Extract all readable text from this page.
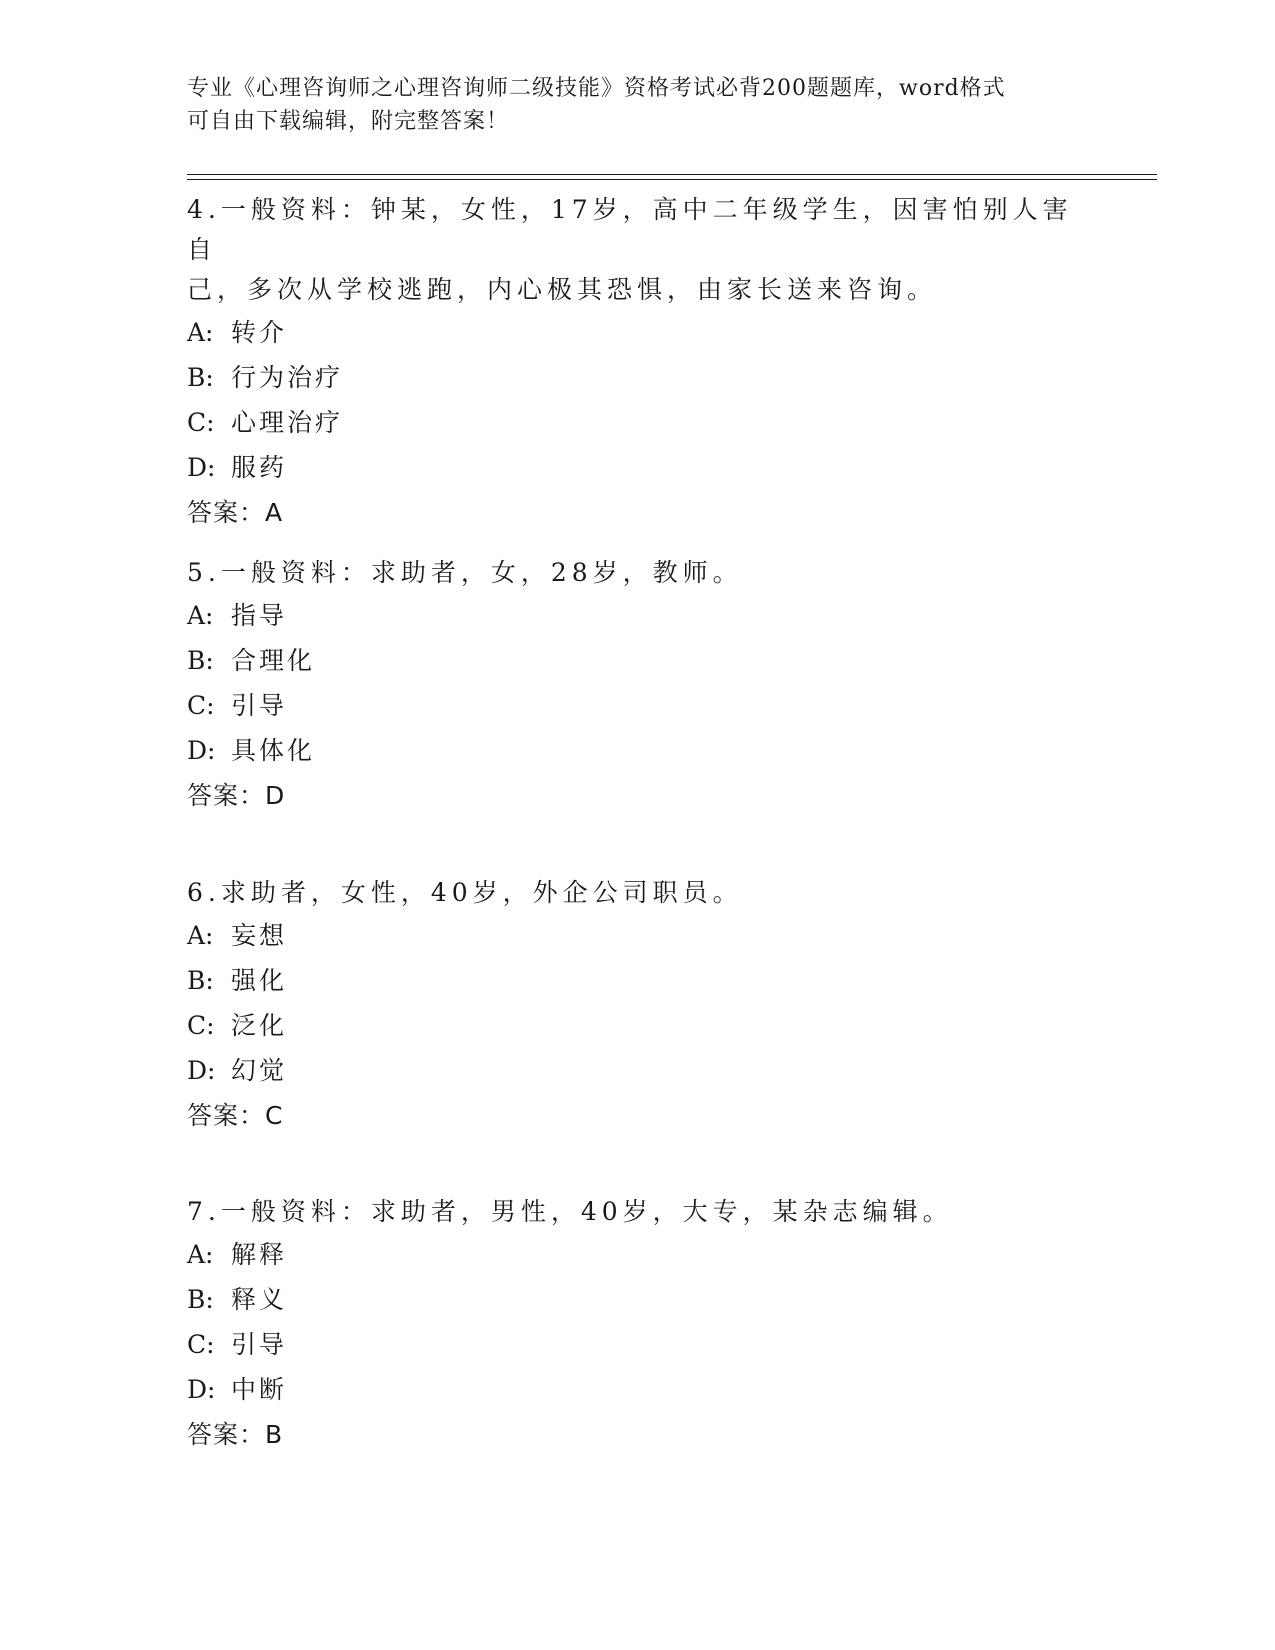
专业《心理咨询师之心理咨询师二级技能》资格考试必背200题题库，word格式
可自由下载编辑，附完整答案！
4.一般资料：钟某，女性，17岁，高中二年级学生，因害怕别人害自
己，多次从学校逃跑，内心极其恐惧，由家长送来咨询。
A: 转介
B: 行为治疗
C: 心理治疗
D: 服药
答案：A
5.一般资料：求助者，女，28岁，教师。
A: 指导
B: 合理化
C: 引导
D: 具体化
答案：D
6.求助者，女性，40岁，外企公司职员。
A: 妄想
B: 强化
C: 泛化
D: 幻觉
答案：C
7.一般资料：求助者，男性，40岁，大专，某杂志编辑。
A: 解释
B: 释义
C: 引导
D: 中断
答案：B
